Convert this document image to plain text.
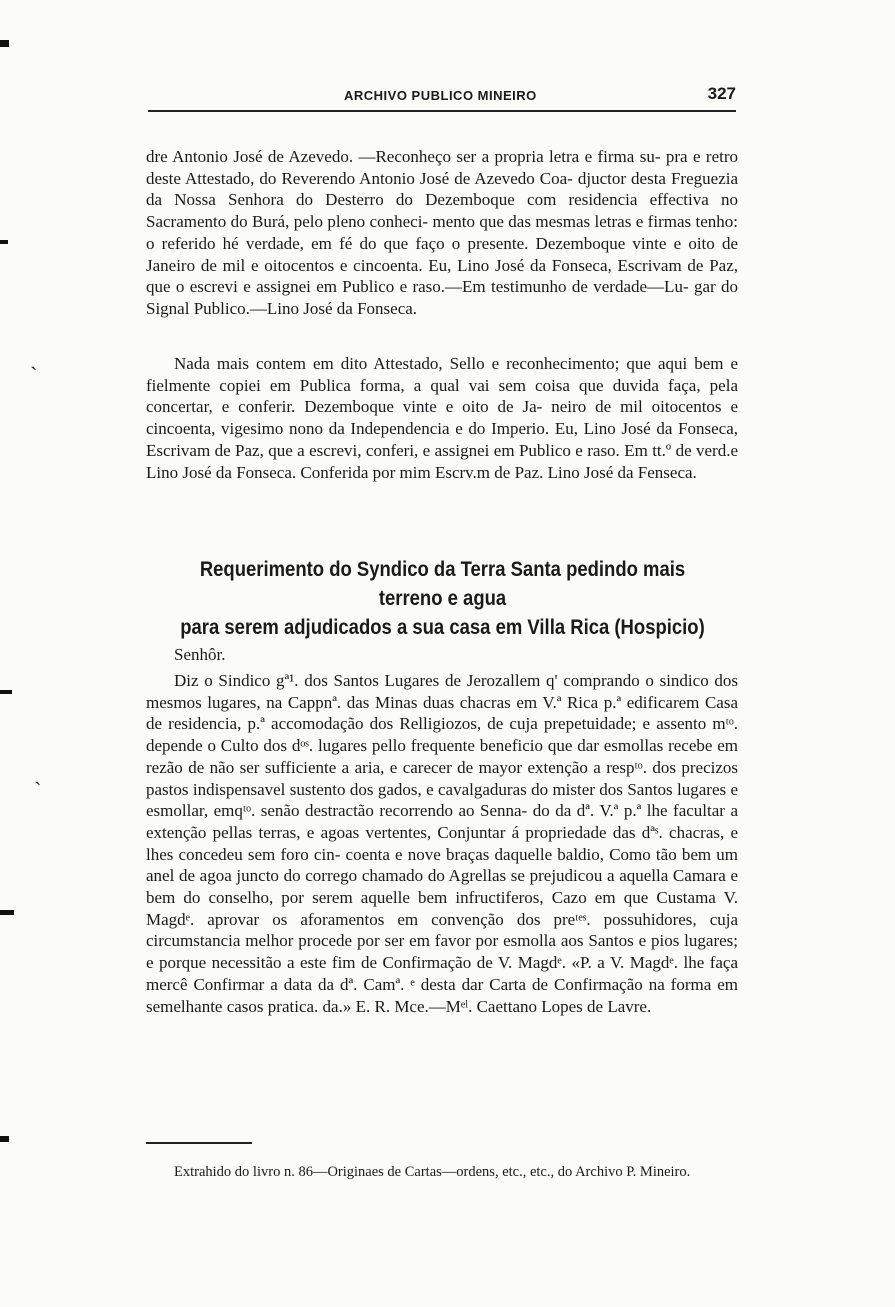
ˏ
ˏ
ARCHIVO PUBLICO MINEIRO	327

dre Antonio José de Azevedo. —Reconheço ser a propria letra e firma su- pra e retro deste Attestado, do Reverendo Antonio José de Azevedo Coa- djuctor desta Freguezia da Nossa Senhora do Desterro do Dezemboque com residencia effectiva no Sacramento do Burá, pelo pleno conheci- mento que das mesmas letras e firmas tenho: o referido hé verdade, em fé do que faço o presente. Dezemboque vinte e oito de Janeiro de mil e oitocentos e cincoenta. Eu, Lino José da Fonseca, Escrivam de Paz, que o escrevi e assignei em Publico e raso.—Em testimunho de verdade—Lu- gar do Signal Publico.—Lino José da Fonseca.

Nada mais contem em dito Attestado, Sello e reconhecimento; que aqui bem e fielmente copiei em Publica forma, a qual vai sem coisa que duvida faça, pela concertar, e conferir. Dezemboque vinte e oito de Ja- neiro de mil oitocentos e cincoenta, vigesimo nono da Independencia e do Imperio. Eu, Lino José da Fonseca, Escrivam de Paz, que a escrevi, conferi, e assignei em Publico e raso. Em tt.º de verd.e Lino José da Fonseca. Conferida por mim Escrv.m de Paz. Lino José da Fenseca.

Requerimento do Syndico da Terra Santa pedindo mais terreno e agua
para serem adjudicados a sua casa em Villa Rica (Hospicio)
Senhôr.

Diz o Sindico gª¹. dos Santos Lugares de Jerozallem q' comprando o sindico dos mesmos lugares, na Cappnª. das Minas duas chacras em V.ª Rica p.ª edificarem Casa de residencia, p.ª accomodação dos Relligiozos, de cuja prepetuidade; e assento mᵗᵒ. depende o Culto dos dᵒˢ. lugares pello frequente beneficio que dar esmollas recebe em rezão de não ser sufficiente a aria, e carecer de mayor extenção a respᵗᵒ. dos precizos pastos indispensavel sustento dos gados, e cavalgaduras do mister dos Santos lugares e esmollar, emqᵗᵒ. senão destractão recorrendo ao Senna- do da dª. V.ª p.ª lhe facultar a extenção pellas terras, e agoas vertentes, Conjuntar á propriedade das dªˢ. chacras, e lhes concedeu sem foro cin- coenta e nove braças daquelle baldio, Como tão bem um anel de agoa juncto do corrego chamado do Agrellas se prejudicou a aquella Camara e bem do conselho, por serem aquelle bem infructiferos, Cazo em que Custama V. Magdᵉ. aprovar os aforamentos em convenção dos preᵗᵉˢ. possuhidores, cuja circumstancia melhor procede por ser em favor por esmolla aos Santos e pios lugares; e porque necessitão a este fim de Confirmação de V. Magdᵉ. «P. a V. Magdᵉ. lhe faça mercê Confirmar a data da dª. Camª. ᵉ desta dar Carta de Confirmação na forma em semelhante casos pratica. da.» E. R. Mce.—Mᵉˡ. Caettano Lopes de Lavre.

Extrahido do livro n. 86—Originaes de Cartas—ordens, etc., etc., do Archivo P. Mineiro.
